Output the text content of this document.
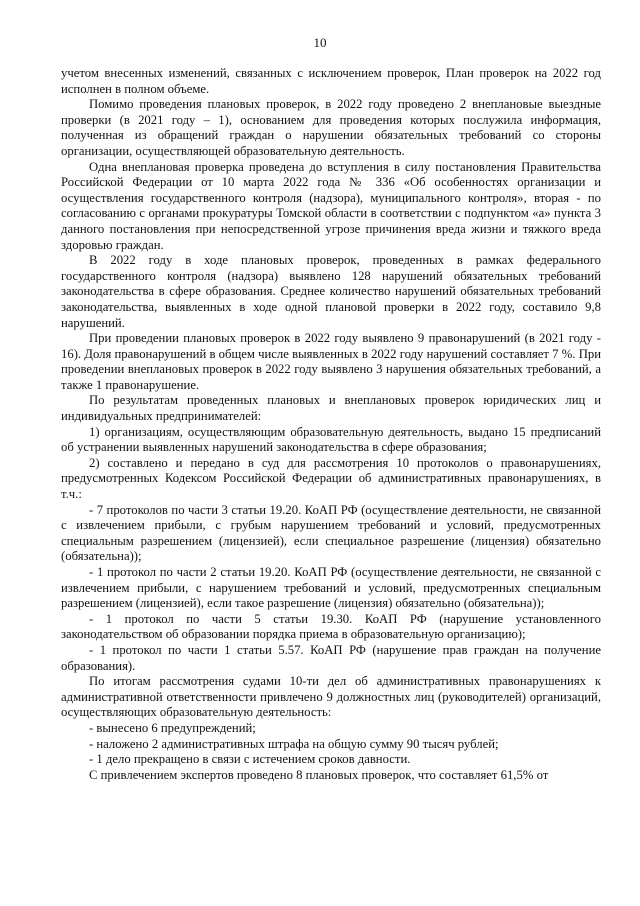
10

учетом внесенных изменений, связанных с исключением проверок, План проверок на 2022 год исполнен в полном объеме.

Помимо проведения плановых проверок, в 2022 году проведено 2 внеплановые выездные проверки (в 2021 году – 1), основанием для проведения которых послужила информация, полученная из обращений граждан о нарушении обязательных требований со стороны организации, осуществляющей образовательную деятельность.

Одна внеплановая проверка проведена до вступления в силу постановления Правительства Российской Федерации от 10 марта 2022 года № 336 «Об особенностях организации и осуществления государственного контроля (надзора), муниципального контроля», вторая - по согласованию с органами прокуратуры Томской области в соответствии с подпунктом «а» пункта 3 данного постановления при непосредственной угрозе причинения вреда жизни и тяжкого вреда здоровью граждан.

В 2022 году в ходе плановых проверок, проведенных в рамках федерального государственного контроля (надзора) выявлено 128 нарушений обязательных требований законодательства в сфере образования. Среднее количество нарушений обязательных требований законодательства, выявленных в ходе одной плановой проверки в 2022 году, составило 9,8 нарушений.

При проведении плановых проверок в 2022 году выявлено 9 правонарушений (в 2021 году - 16). Доля правонарушений в общем числе выявленных в 2022 году нарушений составляет 7 %. При проведении внеплановых проверок в 2022 году выявлено 3 нарушения обязательных требований, а также 1 правонарушение.

По результатам проведенных плановых и внеплановых проверок юридических лиц и индивидуальных предпринимателей:

1) организациям, осуществляющим образовательную деятельность, выдано 15 предписаний об устранении выявленных нарушений законодательства в сфере образования;

2) составлено и передано в суд для рассмотрения 10 протоколов о правонарушениях, предусмотренных Кодексом Российской Федерации об административных правонарушениях, в т.ч.:

- 7 протоколов по части 3 статьи 19.20. КоАП РФ (осуществление деятельности, не связанной с извлечением прибыли, с грубым нарушением требований и условий, предусмотренных специальным разрешением (лицензией), если специальное разрешение (лицензия) обязательно (обязательна));

- 1 протокол по части 2 статьи 19.20. КоАП РФ (осуществление деятельности, не связанной с извлечением прибыли, с нарушением требований и условий, предусмотренных специальным разрешением (лицензией), если такое разрешение (лицензия) обязательно (обязательна));

- 1 протокол по части 5 статьи 19.30. КоАП РФ (нарушение установленного законодательством об образовании порядка приема в образовательную организацию);

- 1 протокол по части 1 статьи 5.57. КоАП РФ (нарушение прав граждан на получение образования).

По итогам рассмотрения судами 10-ти дел об административных правонарушениях к административной ответственности привлечено 9 должностных лиц (руководителей) организаций, осуществляющих образовательную деятельность:

- вынесено 6 предупреждений;

- наложено 2 административных штрафа на общую сумму 90 тысяч рублей;

- 1 дело прекращено в связи с истечением сроков давности.

С привлечением экспертов проведено 8 плановых проверок, что составляет 61,5% от
